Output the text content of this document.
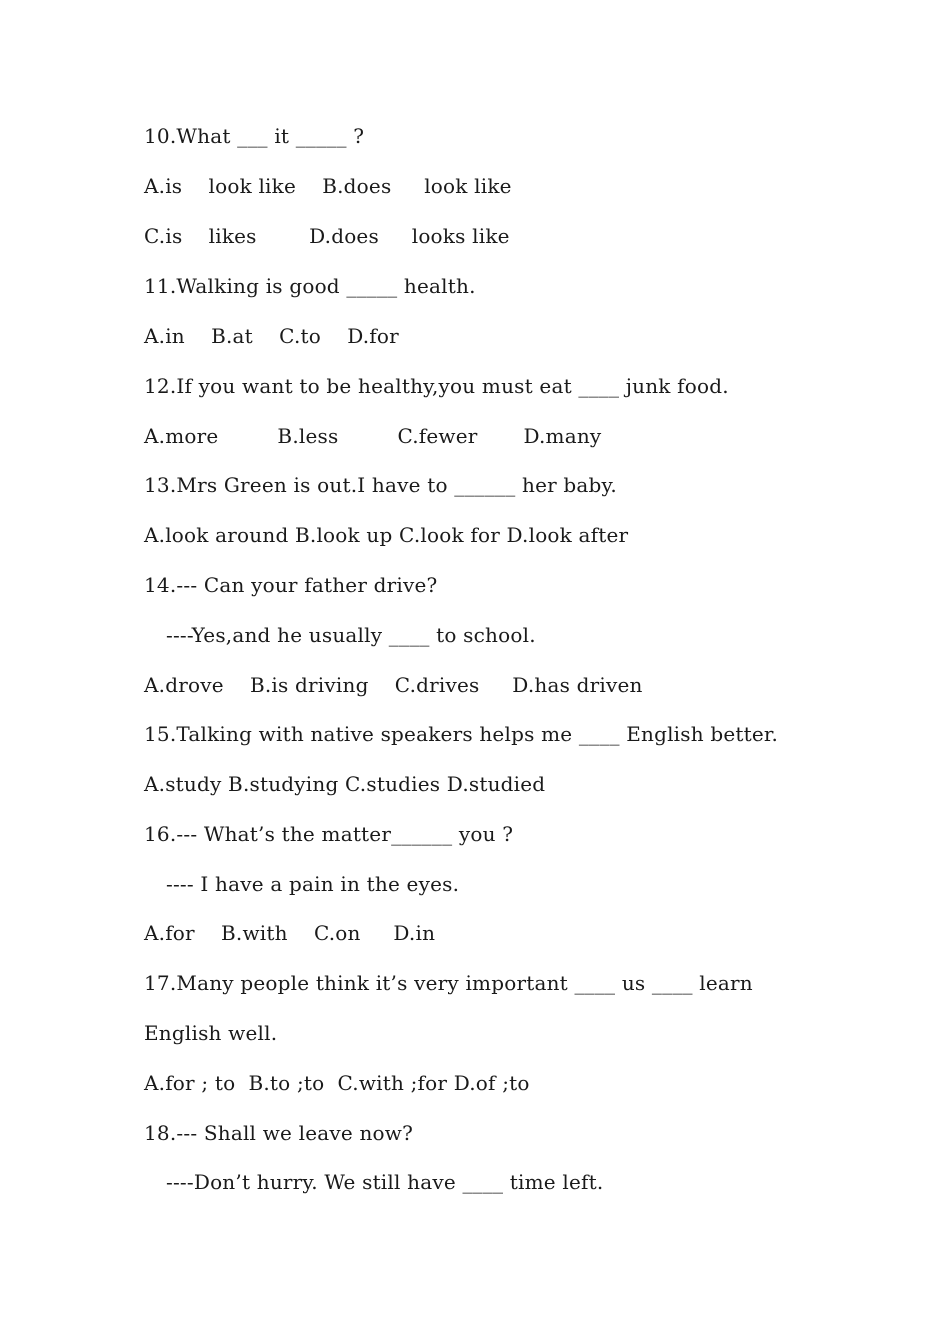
10.What ___ it _____ ?
A.is    look like    B.does     look like
C.is    likes        D.does     looks like
11.Walking is good _____ health.
A.in    B.at    C.to    D.for
12.If you want to be healthy,you must eat ____ junk food.
A.more         B.less         C.fewer       D.many
13.Mrs Green is out.I have to ______ her baby.
A.look around B.look up C.look for D.look after
14.--- Can your father drive?
----Yes,and he usually ____ to school.
A.drove    B.is driving    C.drives     D.has driven
15.Talking with native speakers helps me ____ English better.
A.study B.studying C.studies D.studied
16.--- What’s the matter______ you ?
---- I have a pain in the eyes.
A.for    B.with    C.on     D.in
17.Many people think it’s very important ____ us ____ learn
English well.
A.for ; to  B.to ;to  C.with ;for D.of ;to
18.--- Shall we leave now?
----Don’t hurry. We still have ____ time left.
